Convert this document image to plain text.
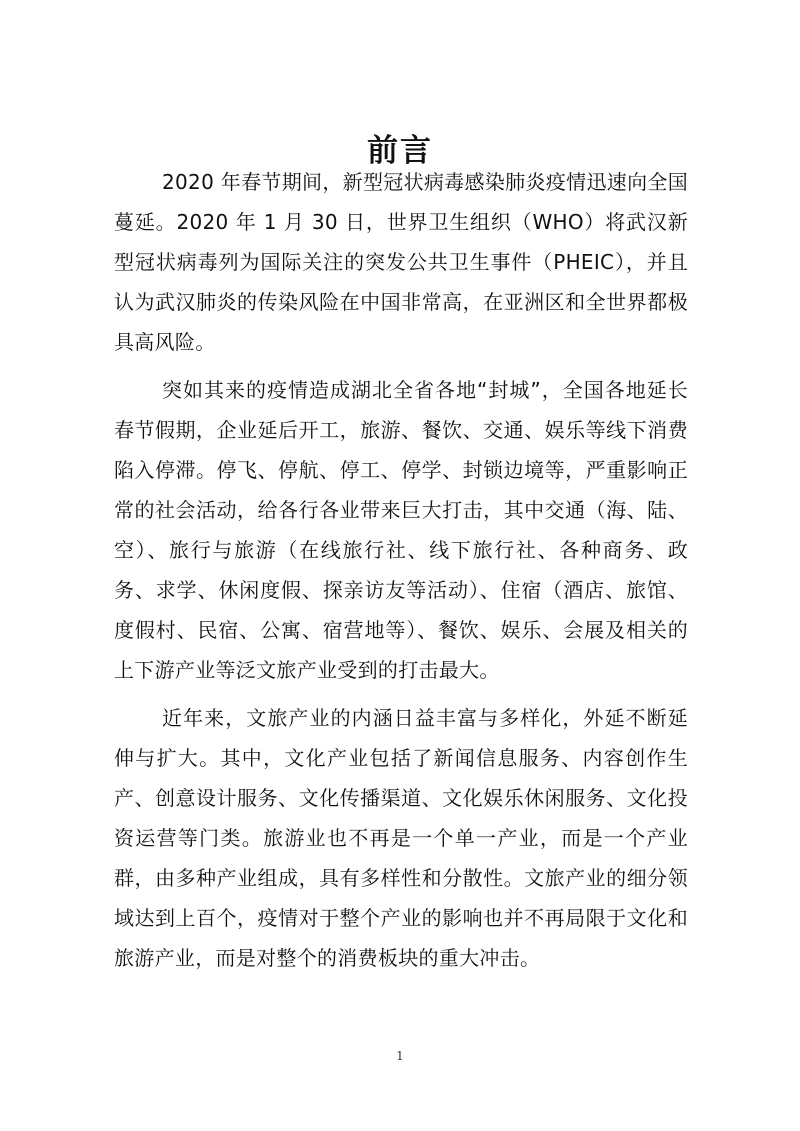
前言

2020 年春节期间，新型冠状病毒感染肺炎疫情迅速向全国蔓延。2020 年 1 月 30 日，世界卫生组织（WHO）将武汉新型冠状病毒列为国际关注的突发公共卫生事件（PHEIC），并且认为武汉肺炎的传染风险在中国非常高，在亚洲区和全世界都极具高风险。

突如其来的疫情造成湖北全省各地“封城”，全国各地延长春节假期，企业延后开工，旅游、餐饮、交通、娱乐等线下消费陷入停滞。停飞、停航、停工、停学、封锁边境等，严重影响正常的社会活动，给各行各业带来巨大打击，其中交通（海、陆、空）、旅行与旅游（在线旅行社、线下旅行社、各种商务、政务、求学、休闲度假、探亲访友等活动）、住宿（酒店、旅馆、度假村、民宿、公寓、宿营地等）、餐饮、娱乐、会展及相关的上下游产业等泛文旅产业受到的打击最大。

近年来，文旅产业的内涵日益丰富与多样化，外延不断延伸与扩大。其中，文化产业包括了新闻信息服务、内容创作生产、创意设计服务、文化传播渠道、文化娱乐休闲服务、文化投资运营等门类。旅游业也不再是一个单一产业，而是一个产业群，由多种产业组成，具有多样性和分散性。文旅产业的细分领域达到上百个，疫情对于整个产业的影响也并不再局限于文化和旅游产业，而是对整个的消费板块的重大冲击。

1
